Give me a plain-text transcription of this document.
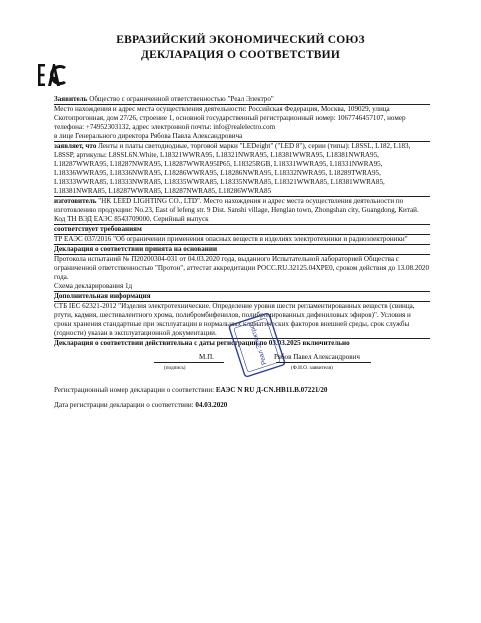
ЕВРАЗИЙСКИЙ ЭКОНОМИЧЕСКИЙ СОЮЗ
ДЕКЛАРАЦИЯ О СООТВЕТСТВИИ
Заявитель Общество с ограниченной ответственностью "Реал Электро"
Место нахождения и адрес места осуществления деятельности: Российская Федерация, Москва, 109029, улица Скотопрогонная, дом 27/26, строение 1, основной государственный регистрационный номер: 1067746457107, номер телефона: +74952303132, адрес электронной почты: info@realelectro.com
в лице Генерального директора Рябова Павла Александровича
заявляет, что Ленты и платы светодиодные, торговой марки "LEDeight" ("LED 8"), серии (типы): L8SSL, L182, L183, L8SSP, артикулы: L8SSL6N.White, L18321WWRA95, L18321NWRA95, L18381WWRA95, L18381NWRA95, L18287WWRA95, L18287NWRA95, L18287WWRA95IP65, L18325RGB, L18331WWRA95, L18331NWRA95, L18336WWRA95, L18336NWRA95, L18286WWRA95, L18286NWRA95, L18332NWRA95, L18289TWRA95, L18333WWRA85, L18333NWRA85, L18335WWRA85, L18335NWRA85, L18321WWRA85, L18381WWRA85, L18381NWRA85, L18287WWRA85, L18287NWRA85, L18286WWRA85
изготовитель "HK LEED LIGHTING CO., LTD". Место нахождения и адрес места осуществления деятельности по изготовлению продукции: No.23, East of lefeng str. 9 Dist. Sanshi village, Henglan town, Zhongshan city, Guangdong, Китай.
Код ТН ВЭД ЕАЭС 8543709000. Серийный выпуск
соответствует требованиям
ТР ЕАЭС 037/2016 "Об ограничении применения опасных веществ в изделиях электротехники и радиоэлектроники"
Декларация о соответствии принята на основании
Протокола испытаний № П20200304-031 от 04.03.2020 года, выданного Испытательной лабораторией Общества с ограниченной ответственностью "Протон", аттестат аккредитации РОСС.RU.32125.04ХРЕ0, сроком действия до 13.08.2020 года.
Схема декларирования 1д
Дополнительная информация
СТБ IEC 62321-2012 "Изделия электротехнические. Определение уровня шести регламентированных веществ (свинца, ртути, кадмия, шестивалентного хрома, полибромбифенилов, полибромированных дифениловых эфиров)". Условия и сроки хранения стандартные при эксплуатации в нормальных климатических факторов внешней среды, срок службы (годности) указан в эксплуатационной документации.
Декларация о соответствии действительна с даты регистрации по 03.03.2025 включительно
Реал Электро
М.П.	Рябов Павел Александрович
(подпись)	(Ф.И.О. заявителя)
Регистрационный номер декларации о соответствии: ЕАЭС N RU Д-CN.HB11.B.07221/20
Дата регистрации декларации о соответствии: 04.03.2020
